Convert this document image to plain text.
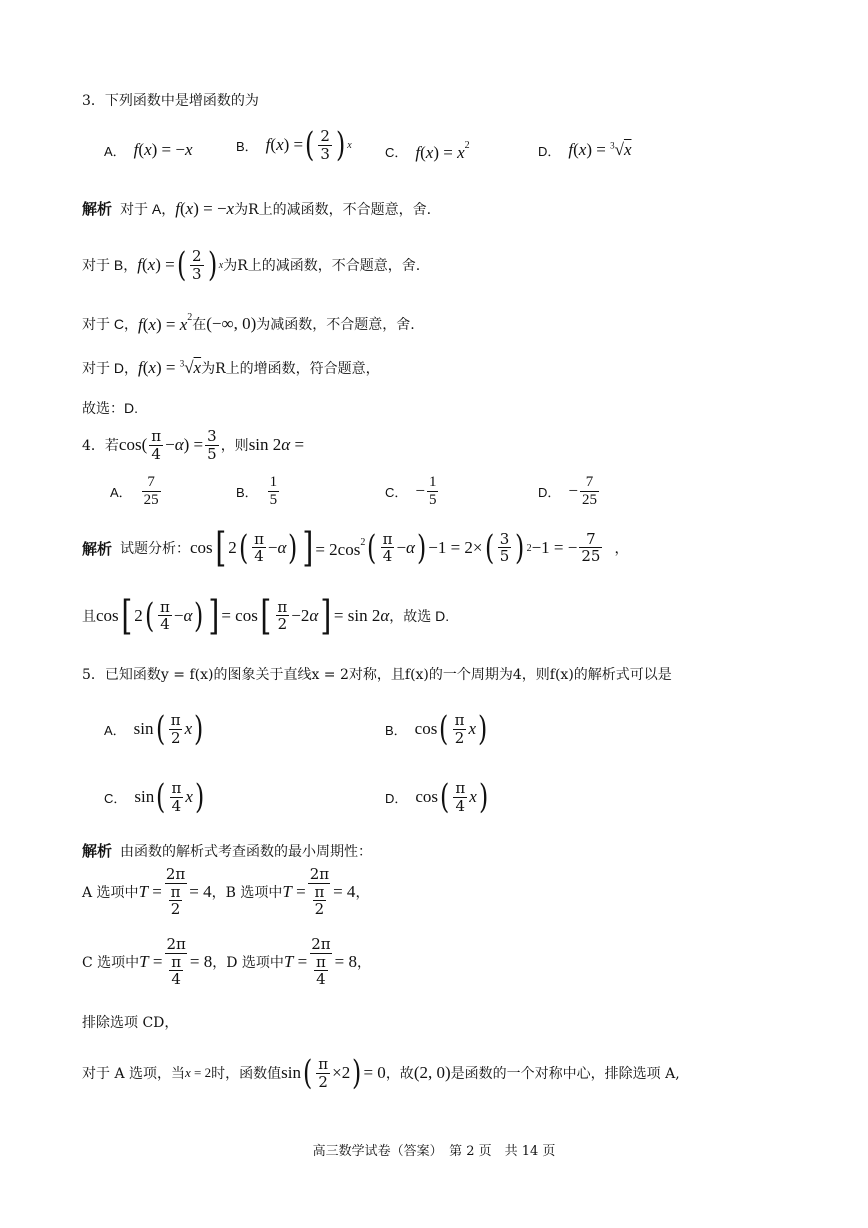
3．下列函数中是增函数的为
A． f(x) = −x	B． f(x) = ( $\frac{2}{3}$ ) x	C． $f(x) = x^2$	D． f(x) = $^3$√x
解析 对于 A， f(x) = −x 为R上的减函数，不合题意，舍.
对于 B， f(x) = ( $\frac{2}{3}$ ) x 为R上的减函数，不合题意，舍.
对于 C， $f(x) = x^2$ 在 (−∞, 0) 为减函数，不合题意，舍.
对于 D， f(x) = $^3$√x 为R上的增函数，符合题意，
故选：D.
4．若 $\cos( \frac{\pi}{4} -\alpha) = \frac{3}{5}$ ，则 sin 2α =
A． $\frac{7}{25}$	B． $\frac{1}{5}$	C． − $\frac{1}{5}$	D． − $\frac{7}{25}$
解析 试题分析： cos [ 2 ( $\frac{\pi}{4} -\alpha$ ) ] = $2\cos^2$ ( $\frac{\pi}{4} -\alpha$ ) −1 = 2× ( $\frac{3}{5}$ ) 2 −1 = − $\frac{7}{25}$ ，
且 cos [ 2 ( $\frac{\pi}{4} -\alpha$ ) ] = cos [ $\frac{\pi}{2} -2\alpha$ ] = sin 2α ，故选 D.
5．已知函数y = f(x)的图象关于直线x = 2对称，且f(x)的一个周期为4，则f(x)的解析式可以是
A． sin ( $\frac{\pi}{2}$ x )	B． cos ( $\frac{\pi}{2}$ x )
C． sin ( $\frac{\pi}{4}$ x )	D． cos ( $\frac{\pi}{4}$ x )
解析 由函数的解析式考查函数的最小周期性：
A 选项中 $T = \frac{2\pi}{\frac{\pi}{2}} = 4$ ，B 选项中 $T = \frac{2\pi}{\frac{\pi}{2}} = 4$ ，
C 选项中 $T = \frac{2\pi}{\frac{\pi}{4}} = 8$ ，D 选项中 $T = \frac{2\pi}{\frac{\pi}{4}} = 8$ ，
排除选项 CD，
对于 A 选项，当 x = 2 时，函数值 sin ( $\frac{\pi}{2} \times 2$ ) = 0 ，故 (2, 0) 是函数的一个对称中心，排除选项 A,
高三数学试卷（答案）　第 2 页　共 14 页
